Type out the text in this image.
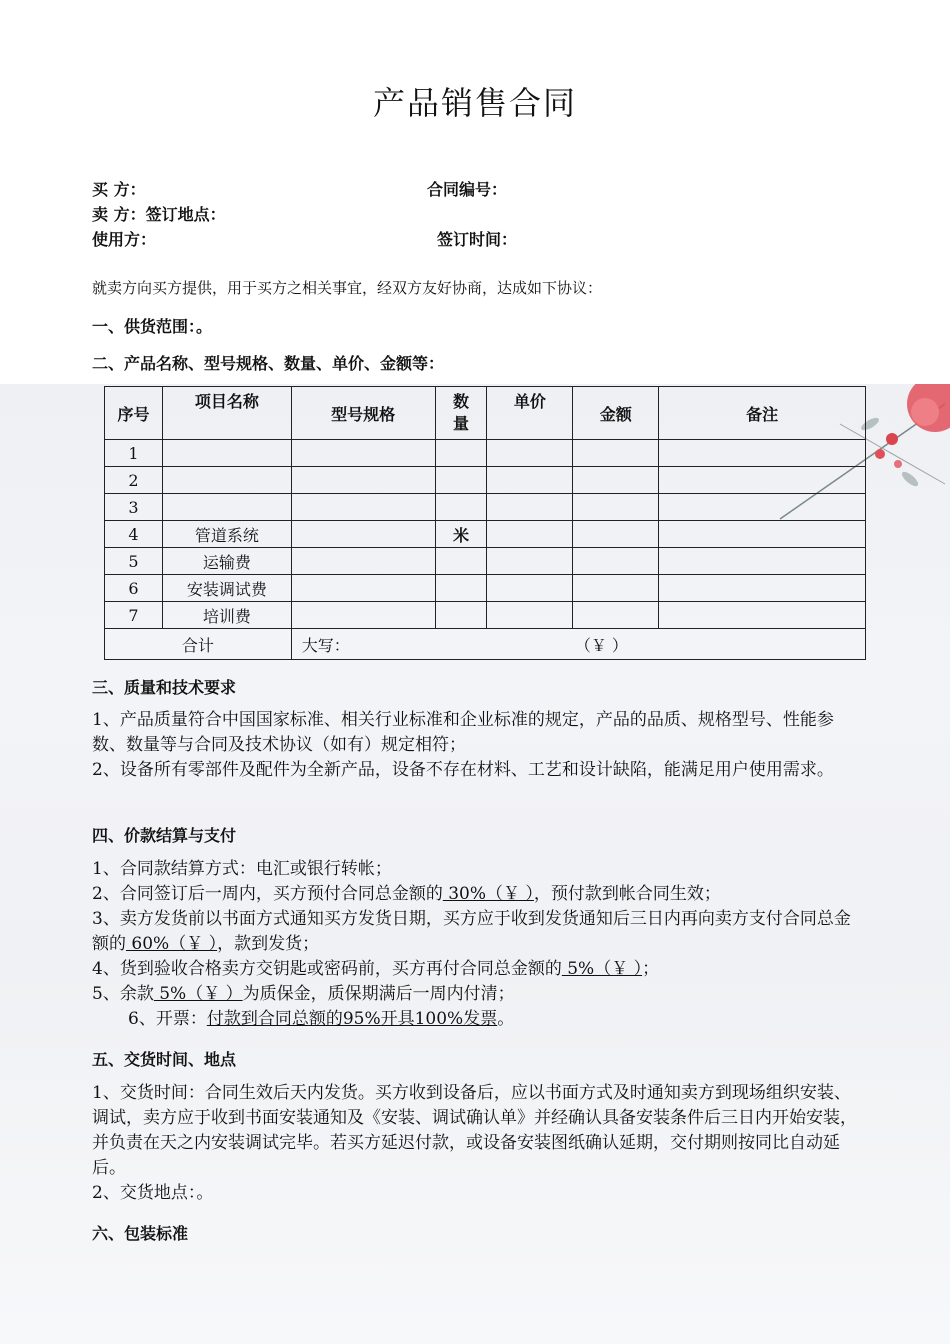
产品销售合同
买 方：	合同编号：
卖 方：签订地点：
使用方：	签订时间：
就卖方向买方提供，用于买方之相关事宜，经双方友好协商，达成如下协议：
一、供货范围：。
二、产品名称、型号规格、数量、单价、金额等：
序号	项目名称	型号规格	数量	单价	金额	备注
1						
2						
3						
4	管道系统		米			
5	运输费					
6	安装调试费					
7	培训费					
合计		大写： （￥ ）				
三、质量和技术要求

1、产品质量符合中国国家标准、相关行业标准和企业标准的规定，产品的品质、规格型号、性能参数、数量等与合同及技术协议（如有）规定相符；

2、设备所有零部件及配件为全新产品，设备不存在材料、工艺和设计缺陷，能满足用户使用需求。

四、价款结算与支付

1、合同款结算方式：电汇或银行转帐；

2、合同签订后一周内，买方预付合同总金额的 30%（￥ ），预付款到帐合同生效；

3、卖方发货前以书面方式通知买方发货日期，买方应于收到发货通知后三日内再向卖方支付合同总金额的 60%（￥ ），款到发货；

4、货到验收合格卖方交钥匙或密码前，买方再付合同总金额的 5%（￥ ）；

5、余款 5%（￥ ）为质保金，质保期满后一周内付清；

6、开票：付款到合同总额的95%开具100%发票。

五、交货时间、地点

1、交货时间：合同生效后天内发货。买方收到设备后，应以书面方式及时通知卖方到现场组织安装、调试，卖方应于收到书面安装通知及《安装、调试确认单》并经确认具备安装条件后三日内开始安装，并负责在天之内安装调试完毕。若买方延迟付款，或设备安装图纸确认延期，交付期则按同比自动延后。

2、交货地点：。

六、包装标准
